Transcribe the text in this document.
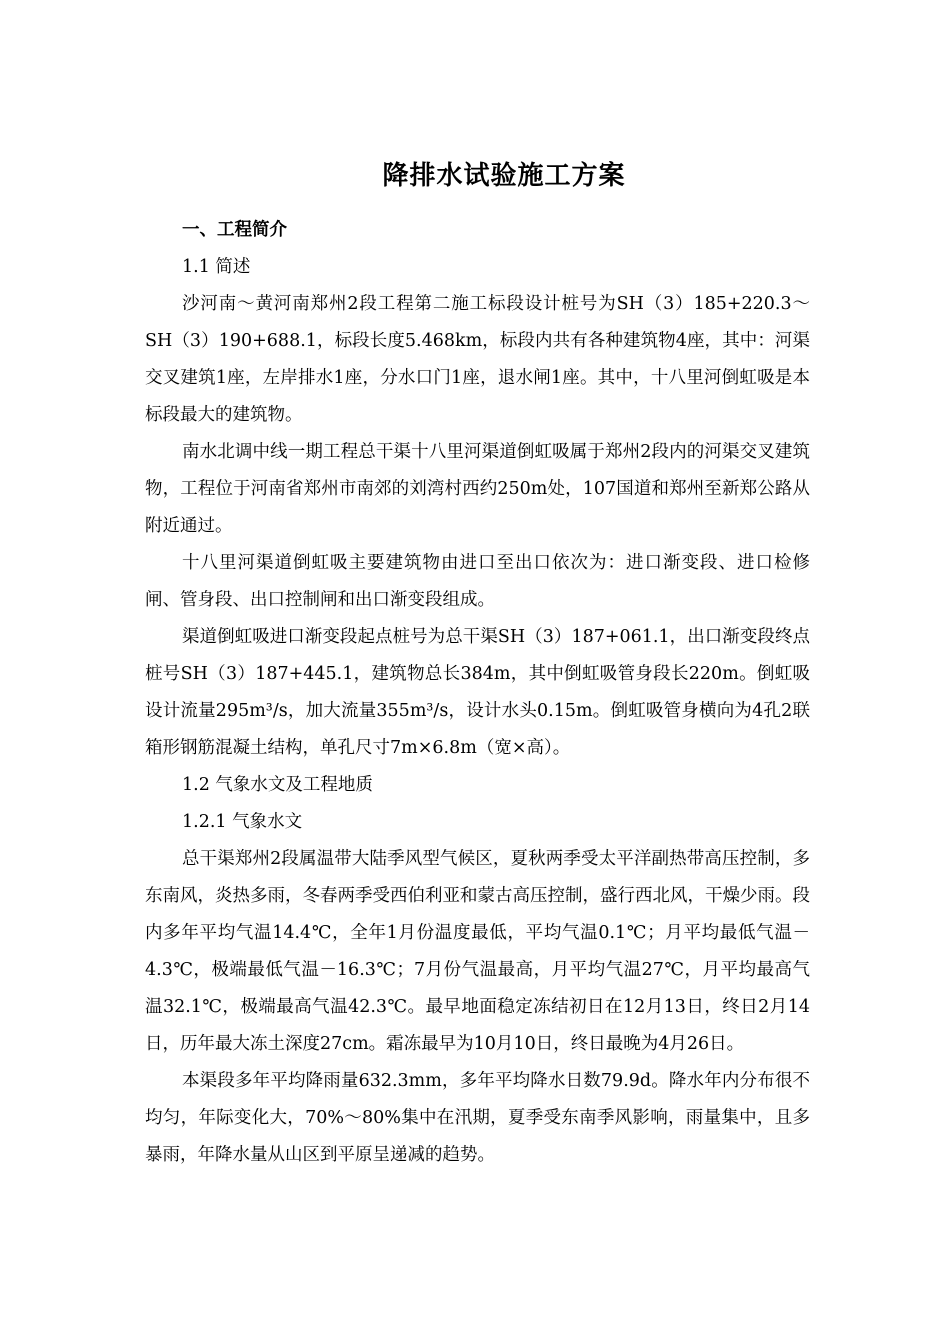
降排水试验施工方案

一、工程简介

1.1 简述

沙河南～黄河南郑州2段工程第二施工标段设计桩号为SH（3）185+220.3～SH（3）190+688.1，标段长度5.468km，标段内共有各种建筑物4座，其中：河渠交叉建筑1座，左岸排水1座，分水口门1座，退水闸1座。其中，十八里河倒虹吸是本标段最大的建筑物。

南水北调中线一期工程总干渠十八里河渠道倒虹吸属于郑州2段内的河渠交叉建筑物，工程位于河南省郑州市南郊的刘湾村西约250m处，107国道和郑州至新郑公路从附近通过。

十八里河渠道倒虹吸主要建筑物由进口至出口依次为：进口渐变段、进口检修闸、管身段、出口控制闸和出口渐变段组成。

渠道倒虹吸进口渐变段起点桩号为总干渠SH（3）187+061.1，出口渐变段终点桩号SH（3）187+445.1，建筑物总长384m，其中倒虹吸管身段长220m。倒虹吸设计流量295m³/s，加大流量355m³/s，设计水头0.15m。倒虹吸管身横向为4孔2联箱形钢筋混凝土结构，单孔尺寸7m×6.8m（宽×高）。

1.2 气象水文及工程地质

1.2.1 气象水文

总干渠郑州2段属温带大陆季风型气候区，夏秋两季受太平洋副热带高压控制，多东南风，炎热多雨，冬春两季受西伯利亚和蒙古高压控制，盛行西北风，干燥少雨。段内多年平均气温14.4℃，全年1月份温度最低，平均气温0.1℃；月平均最低气温－4.3℃，极端最低气温－16.3℃；7月份气温最高，月平均气温27℃，月平均最高气温32.1℃，极端最高气温42.3℃。最早地面稳定冻结初日在12月13日，终日2月14日，历年最大冻土深度27cm。霜冻最早为10月10日，终日最晚为4月26日。

本渠段多年平均降雨量632.3mm，多年平均降水日数79.9d。降水年内分布很不均匀，年际变化大，70%～80%集中在汛期，夏季受东南季风影响，雨量集中，且多暴雨，年降水量从山区到平原呈递减的趋势。
